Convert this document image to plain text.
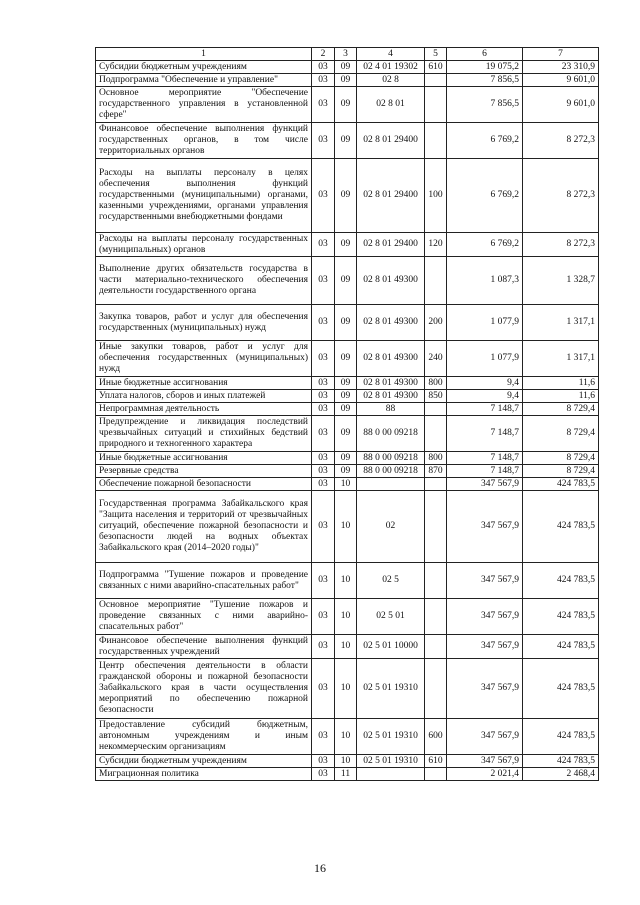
1	2	3	4	5	6	7
Субсидии бюджетным учреждениям	03	09	02 4 01 19302	610	19 075,2	23 310,9
Подпрограмма "Обеспечение и управление"	03	09	02 8		7 856,5	9 601,0
Основное мероприятие "Обеспечение государственного управления в установленной сфере"	03	09	02 8 01		7 856,5	9 601,0
Финансовое обеспечение выполнения функций государственных органов, в том числе территориальных органов	03	09	02 8 01 29400		6 769,2	8 272,3
Расходы на выплаты персоналу в целях обеспечения выполнения функций государственными (муниципальными) органами, казенными учреждениями, органами управления государственными внебюджетными фондами	03	09	02 8 01 29400	100	6 769,2	8 272,3
Расходы на выплаты персоналу государственных (муниципальных) органов	03	09	02 8 01 29400	120	6 769,2	8 272,3
Выполнение других обязательств государства в части материально-технического обеспечения деятельности государственного органа	03	09	02 8 01 49300		1 087,3	1 328,7
Закупка товаров, работ и услуг для обеспечения государственных (муниципальных) нужд	03	09	02 8 01 49300	200	1 077,9	1 317,1
Иные закупки товаров, работ и услуг для обеспечения государственных (муниципальных) нужд	03	09	02 8 01 49300	240	1 077,9	1 317,1
Иные бюджетные ассигнования	03	09	02 8 01 49300	800	9,4	11,6
Уплата налогов, сборов и иных платежей	03	09	02 8 01 49300	850	9,4	11,6
Непрограммная деятельность	03	09	88		7 148,7	8 729,4
Предупреждение и ликвидация последствий чрезвычайных ситуаций и стихийных бедствий природного и техногенного характера	03	09	88 0 00 09218		7 148,7	8 729,4
Иные бюджетные ассигнования	03	09	88 0 00 09218	800	7 148,7	8 729,4
Резервные средства	03	09	88 0 00 09218	870	7 148,7	8 729,4
Обеспечение пожарной безопасности	03	10			347 567,9	424 783,5
Государственная программа Забайкальского края "Защита населения и территорий от чрезвычайных ситуаций, обеспечение пожарной безопасности и безопасности людей на водных объектах Забайкальского края (2014–2020 годы)"	03	10	02		347 567,9	424 783,5
Подпрограмма "Тушение пожаров и проведение связанных с ними аварийно-спасательных работ"	03	10	02 5		347 567,9	424 783,5
Основное мероприятие "Тушение пожаров и проведение связанных с ними аварийно-спасательных работ"	03	10	02 5 01		347 567,9	424 783,5
Финансовое обеспечение выполнения функций государственных учреждений	03	10	02 5 01 10000		347 567,9	424 783,5
Центр обеспечения деятельности в области гражданской обороны и пожарной безопасности Забайкальского края в части осуществления мероприятий по обеспечению пожарной безопасности	03	10	02 5 01 19310		347 567,9	424 783,5
Предоставление субсидий бюджетным, автономным учреждениям и иным некоммерческим организациям	03	10	02 5 01 19310	600	347 567,9	424 783,5
Субсидии бюджетным учреждениям	03	10	02 5 01 19310	610	347 567,9	424 783,5
Миграционная политика	03	11			2 021,4	2 468,4
16
